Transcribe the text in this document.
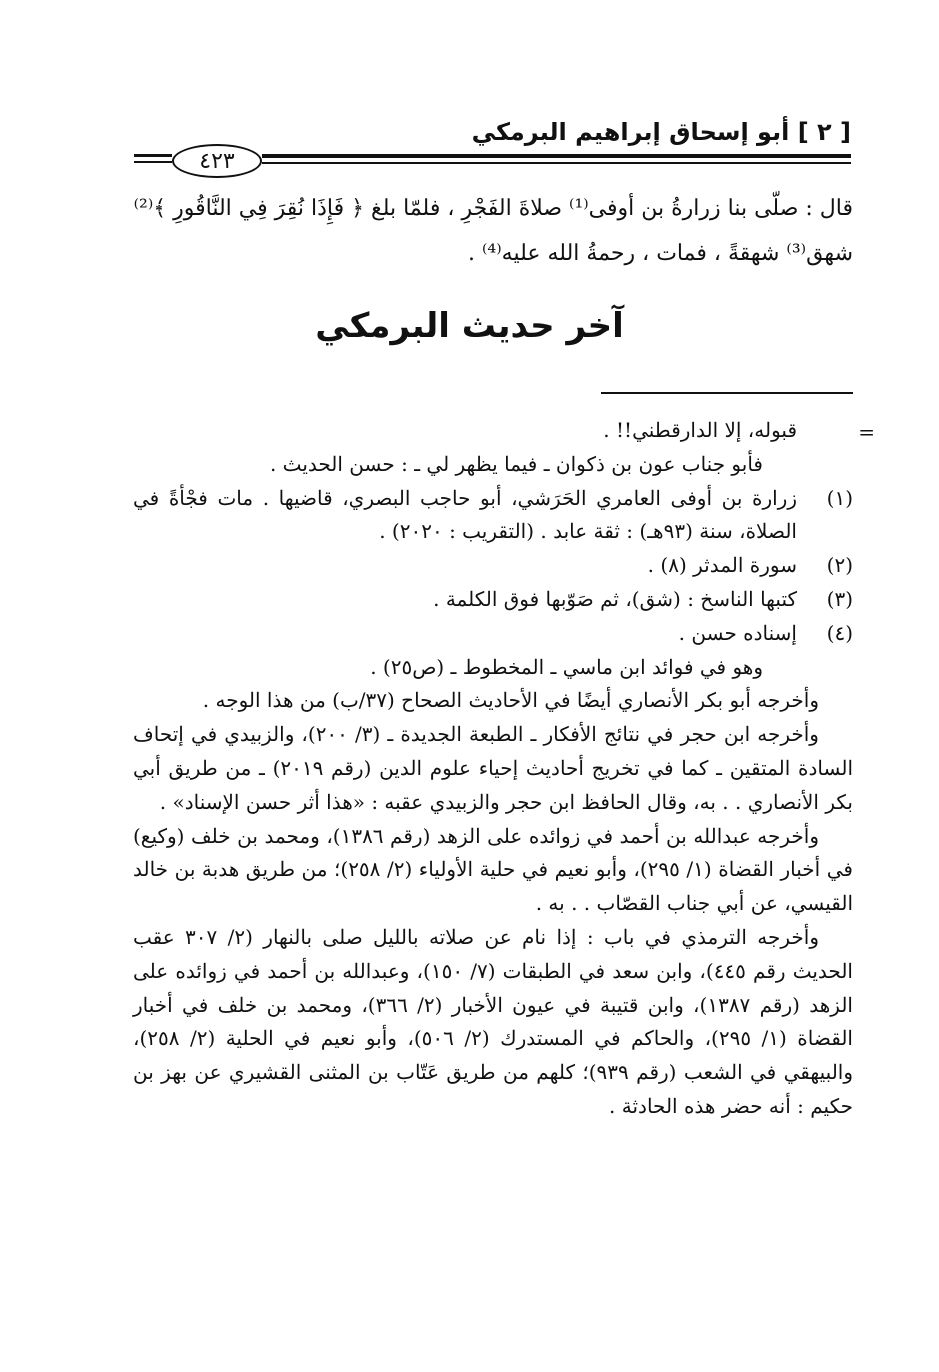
[ ٢ ] أبو إسحاق إبراهيم البرمكي
٤٢٣

قال : صلّى بنا زرارةُ بن أوفى⁽¹⁾ صلاةَ الفَجْرِ ، فلمّا بلغ ﴿ فَإِذَا نُقِرَ فِي النَّاقُورِ ﴾⁽²⁾

شهق⁽³⁾ شهقةً ، فمات ، رحمةُ الله عليه⁽⁴⁾ .

آخر حديث البرمكي
=

قبوله، إلا الدارقطني!! .

فأبو جناب عون بن ذكوان ـ فيما يظهر لي ـ : حسن الحديث .

(١)
زرارة بن أوفى العامري الحَرَشي، أبو حاجب البصري، قاضيها . مات فجْأةً في الصلاة، سنة (٩٣هـ) : ثقة عابد . (التقريب : ٢٠٢٠) .
(٢)
سورة المدثر (٨) .
(٣)
كتبها الناسخ : (شق)، ثم صَوّبها فوق الكلمة .
(٤)
إسناده حسن .

وهو في فوائد ابن ماسي ـ المخطوط ـ (ص٢٥) .

وأخرجه أبو بكر الأنصاري أيضًا في الأحاديث الصحاح (٣٧/ب) من هذا الوجه .

وأخرجه ابن حجر في نتائج الأفكار ـ الطبعة الجديدة ـ (٣/ ٢٠٠)، والزبيدي في إتحاف السادة المتقين ـ كما في تخريج أحاديث إحياء علوم الدين (رقم ٢٠١٩) ـ من طريق أبي بكر الأنصاري . . به، وقال الحافظ ابن حجر والزبيدي عقبه : «هذا أثر حسن الإسناد» .

وأخرجه عبدالله بن أحمد في زوائده على الزهد (رقم ١٣٨٦)، ومحمد بن خلف (وكيع) في أخبار القضاة (١/ ٢٩٥)، وأبو نعيم في حلية الأولياء (٢/ ٢٥٨)؛ من طريق هدبة بن خالد القيسي، عن أبي جناب القصّاب . . به .

وأخرجه الترمذي في باب : إذا نام عن صلاته بالليل صلى بالنهار (٢/ ٣٠٧ عقب الحديث رقم ٤٤٥)، وابن سعد في الطبقات (٧/ ١٥٠)، وعبدالله بن أحمد في زوائده على الزهد (رقم ١٣٨٧)، وابن قتيبة في عيون الأخبار (٢/ ٣٦٦)، ومحمد بن خلف في أخبار القضاة (١/ ٢٩٥)، والحاكم في المستدرك (٢/ ٥٠٦)، وأبو نعيم في الحلية (٢/ ٢٥٨)، والبيهقي في الشعب (رقم ٩٣٩)؛ كلهم من طريق عَتّاب بن المثنى القشيري عن بهز بن حكيم : أنه حضر هذه الحادثة .
